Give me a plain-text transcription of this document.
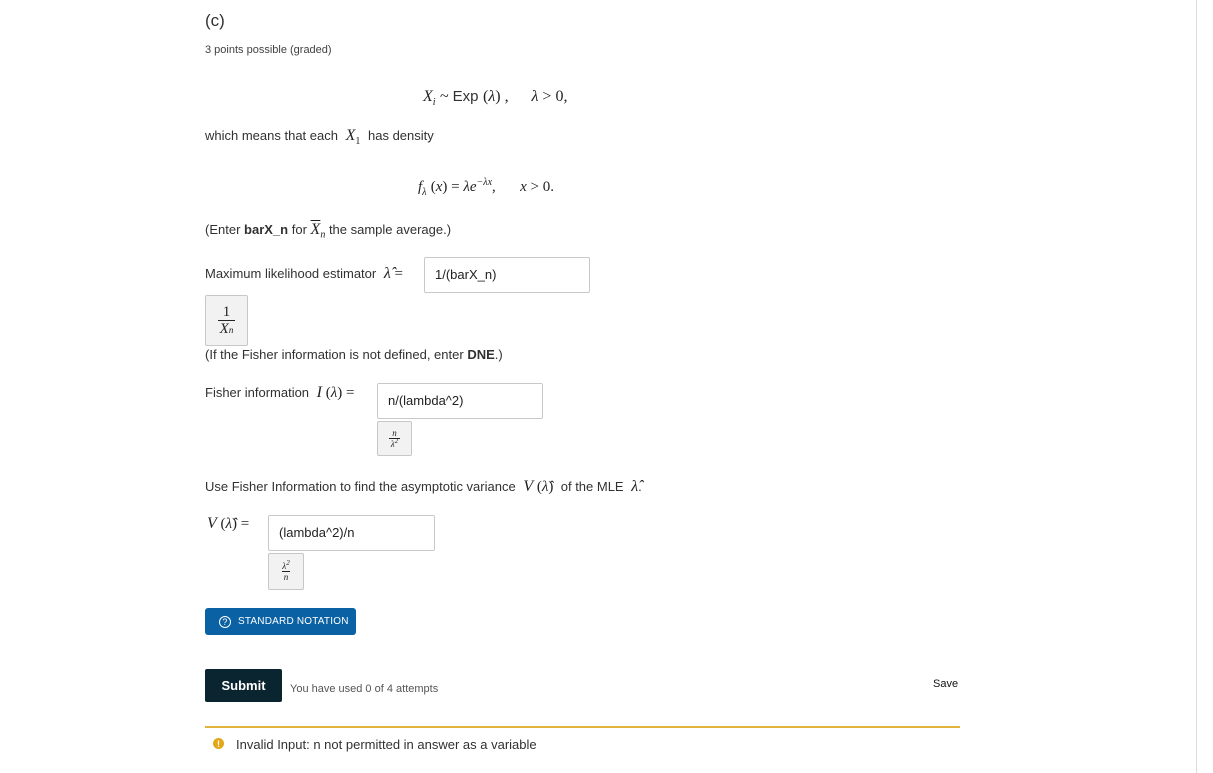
(c)
3 points possible (graded)
$X_i$ ~ Exp (λ) , λ > 0,
which means that each  $X_1$ has density
$f_\lambda$ $(x) = \lambda e^{-\lambda x}$, x > 0.
(Enter barX_n for $\overline{X}_n$ the sample average.)
Maximum likelihood estimator  λ̂ =	1/(barX_n)
$\frac{1}{\overline{X}n}$
(If the Fisher information is not defined, enter DNE.)
Fisher information  I (λ) =	n/(lambda^2)
$\frac{n}{\lambda^2}$
Use Fisher Information to find the asymptotic variance  V (λ̂)  of the MLE  λ̂.
V (λ̂) =
(lambda^2)/n
$\frac{\lambda^2}{n}$
?	STANDARD NOTATION
Submit	You have used 0 of 4 attempts	Save
!	Invalid Input: n not permitted in answer as a variable
